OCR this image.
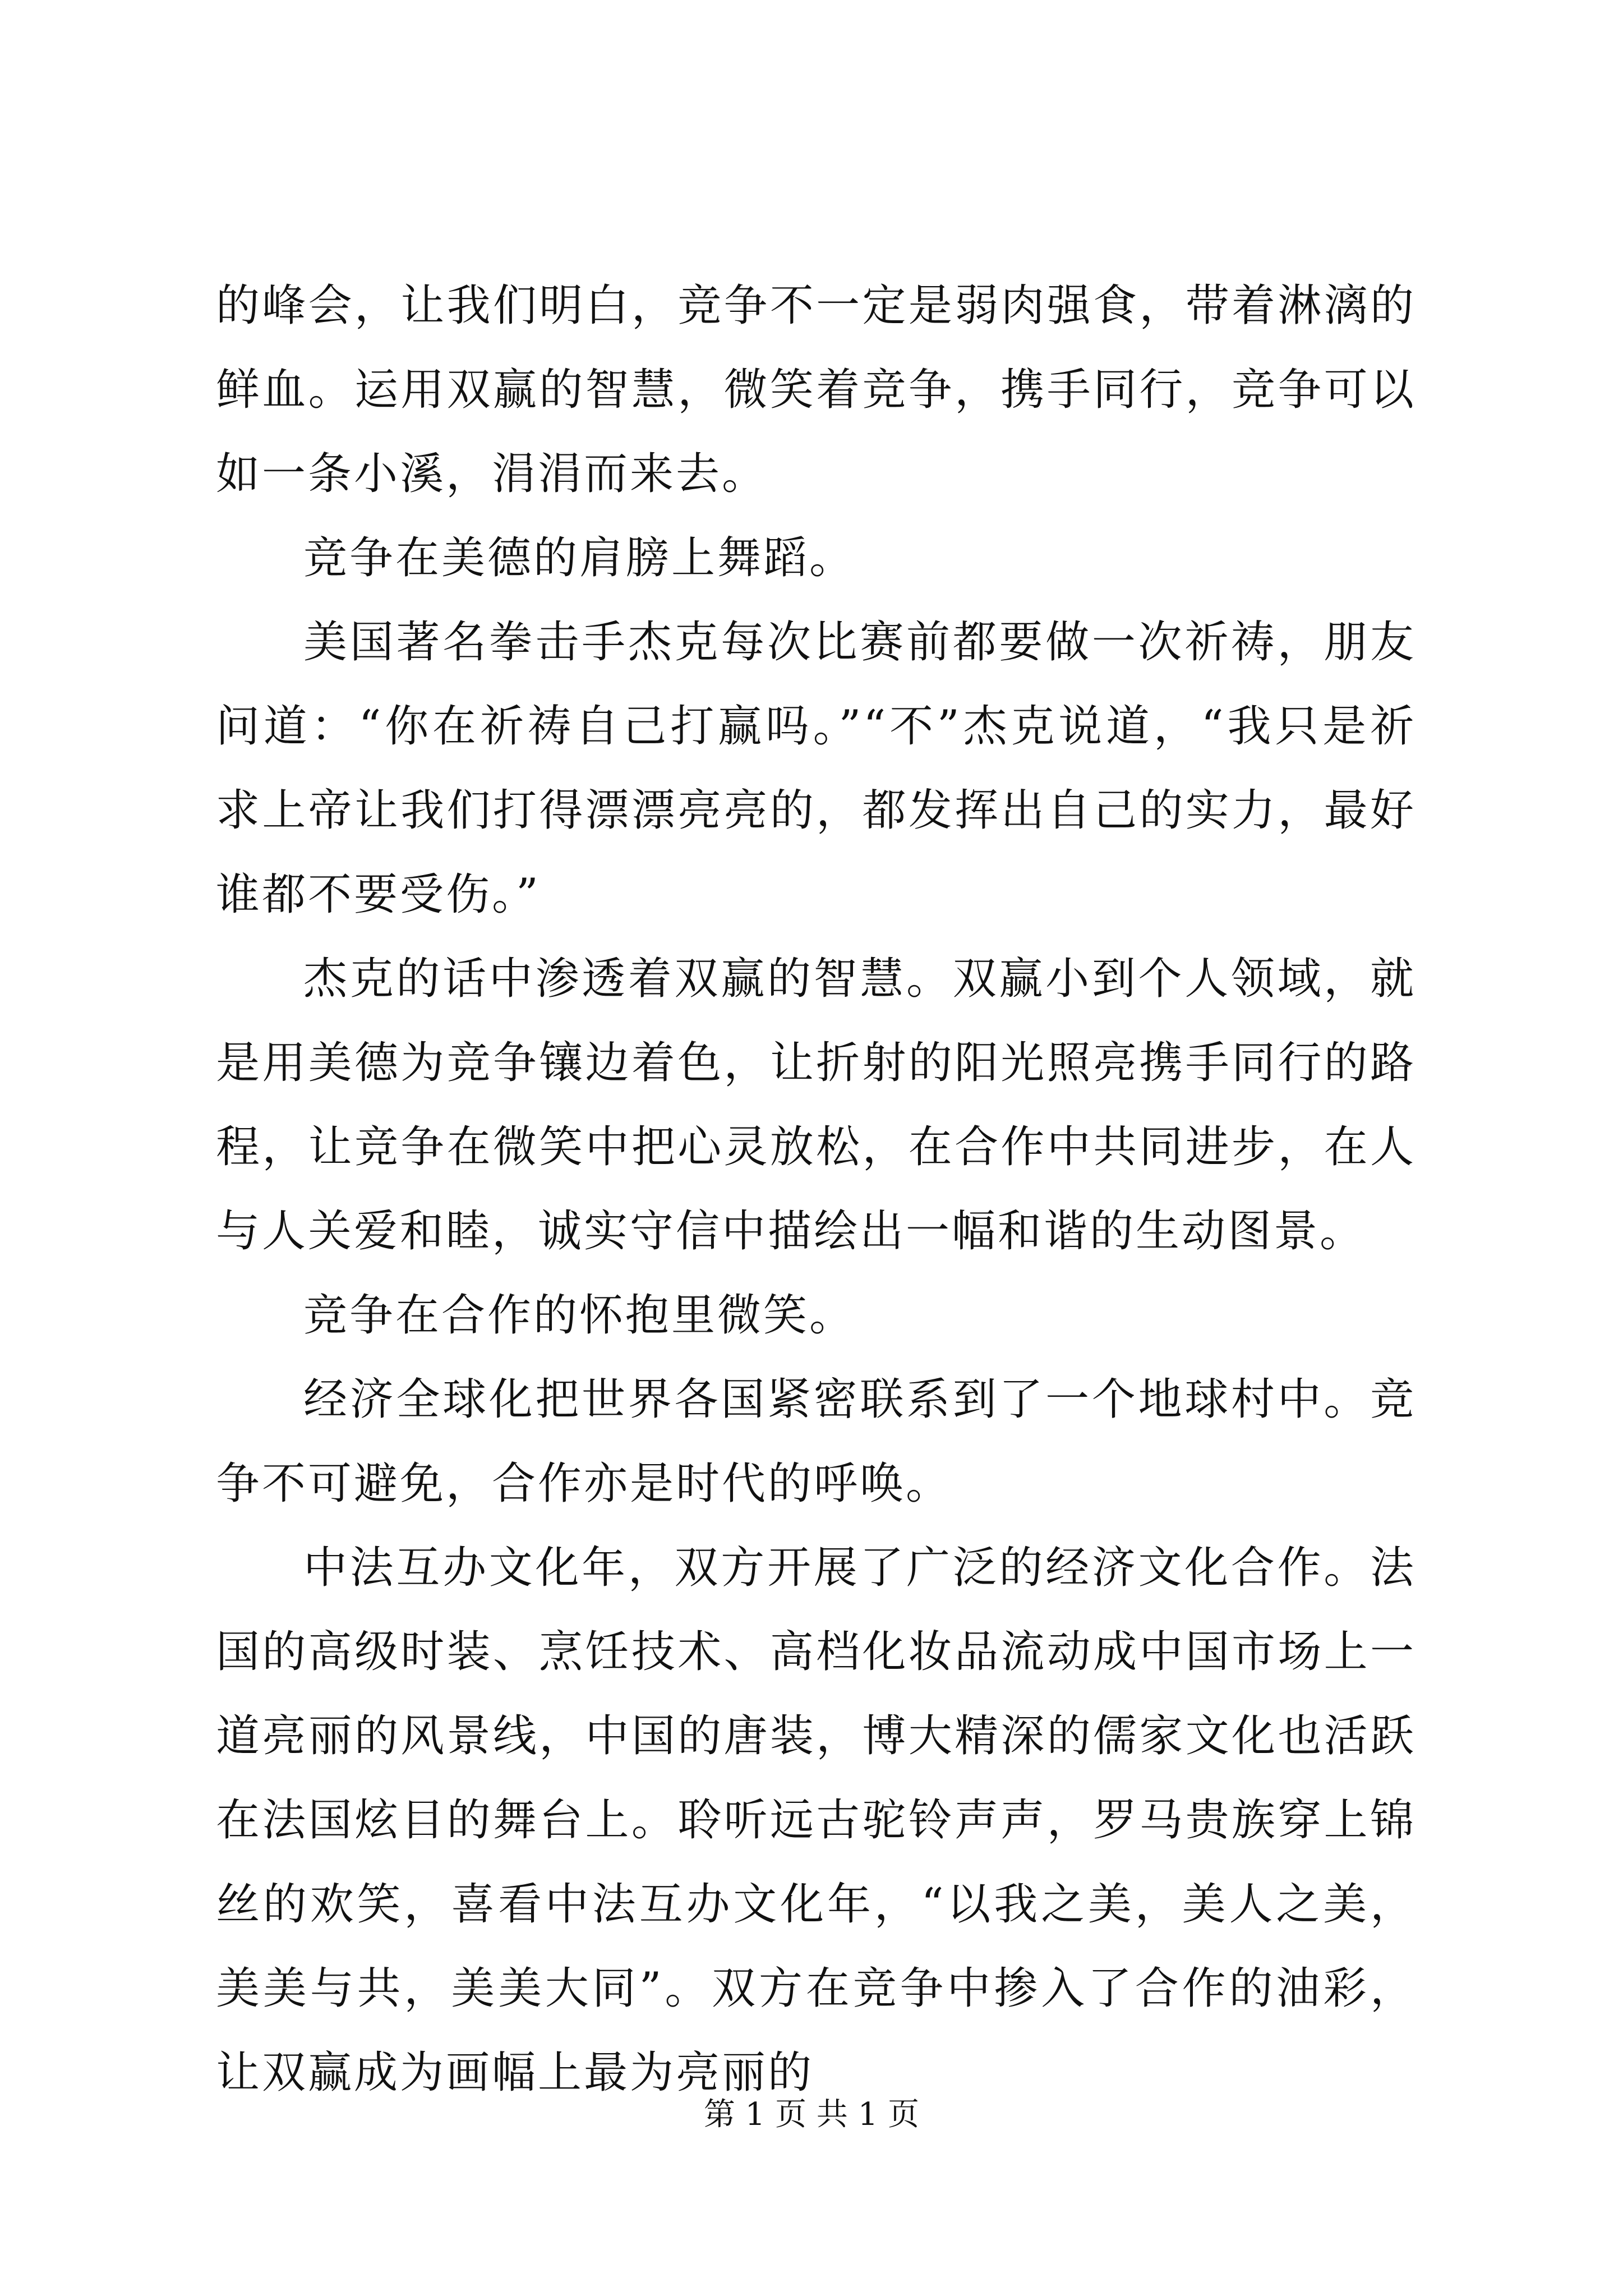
的峰会，让我们明白，竞争不一定是弱肉强食，带着淋漓的鲜血。运用双赢的智慧，微笑着竞争，携手同行，竞争可以如一条小溪，涓涓而来去。

竞争在美德的肩膀上舞蹈。

美国著名拳击手杰克每次比赛前都要做一次祈祷，朋友问道：“你在祈祷自己打赢吗。”“不”杰克说道，“我只是祈求上帝让我们打得漂漂亮亮的，都发挥出自己的实力，最好谁都不要受伤。”

杰克的话中渗透着双赢的智慧。双赢小到个人领域，就是用美德为竞争镶边着色，让折射的阳光照亮携手同行的路程，让竞争在微笑中把心灵放松，在合作中共同进步，在人与人关爱和睦，诚实守信中描绘出一幅和谐的生动图景。

竞争在合作的怀抱里微笑。

经济全球化把世界各国紧密联系到了一个地球村中。竞争不可避免，合作亦是时代的呼唤。

中法互办文化年，双方开展了广泛的经济文化合作。法国的高级时装、烹饪技术、高档化妆品流动成中国市场上一道亮丽的风景线，中国的唐装，博大精深的儒家文化也活跃在法国炫目的舞台上。聆听远古驼铃声声，罗马贵族穿上锦丝的欢笑，喜看中法互办文化年，“以我之美，美人之美，美美与共，美美大同”。双方在竞争中掺入了合作的油彩，让双赢成为画幅上最为亮丽的

第 1 页 共 1 页
